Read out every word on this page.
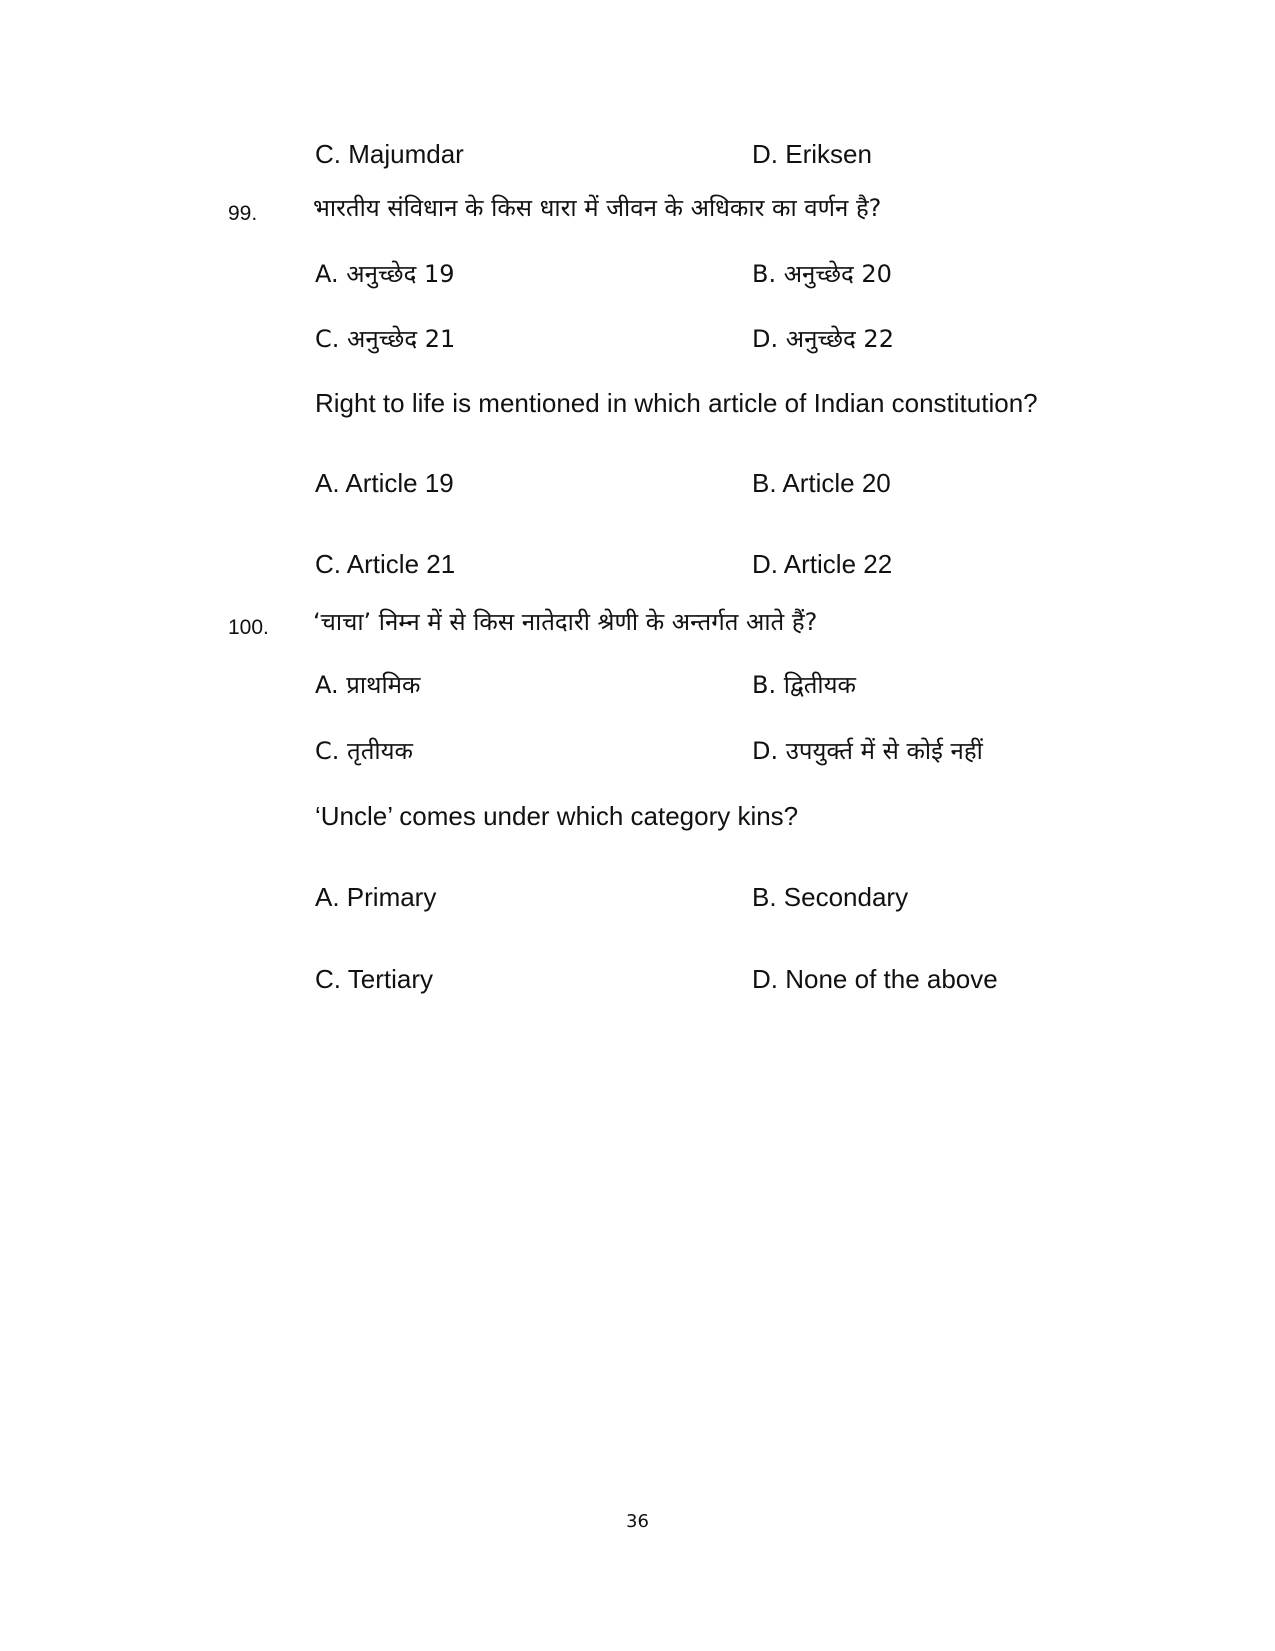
C. Majumdar	D. Eriksen
99. भारतीय संविधान के किस धारा में जीवन के अधिकार का वर्णन है?
A. अनुच्छेद 19	B. अनुच्छेद 20
C. अनुच्छेद 21	D. अनुच्छेद 22
Right to life is mentioned in which article of Indian constitution?
A. Article 19	B. Article 20
C. Article 21	D. Article 22
100. ‘चाचा’ निम्न में से किस नातेदारी श्रेणी के अन्तर्गत आते हैं?
A. प्राथमिक	B. द्वितीयक
C. तृतीयक	D. उपयुर्क्त में से कोई नहीं
‘Uncle’ comes under which category kins?
A. Primary	B. Secondary
C. Tertiary	D. None of the above
36
